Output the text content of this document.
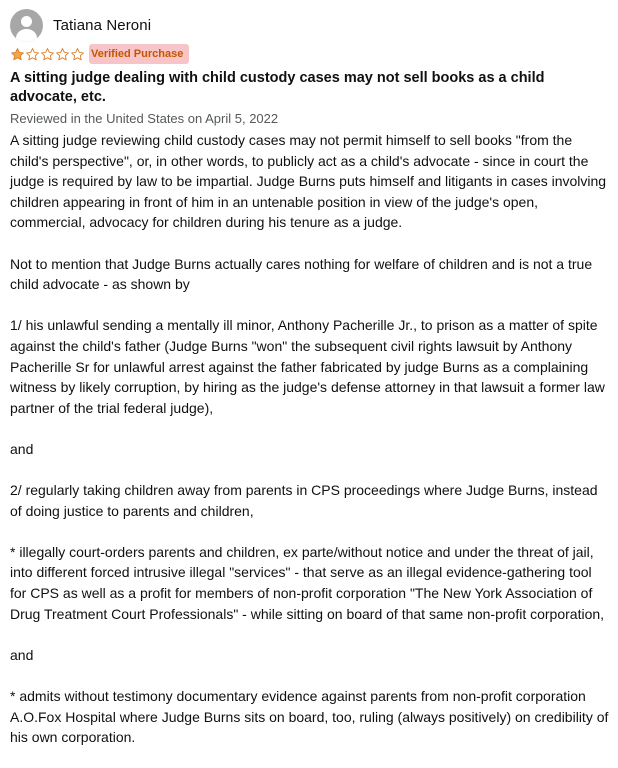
Tatiana Neroni
Verified Purchase
A sitting judge dealing with child custody cases may not sell books as a child advocate, etc.
Reviewed in the United States on April 5, 2022

A sitting judge reviewing child custody cases may not permit himself to sell books "from the child's perspective", or, in other words, to publicly act as a child's advocate - since in court the judge is required by law to be impartial. Judge Burns puts himself and litigants in cases involving children appearing in front of him in an untenable position in view of the judge's open, commercial, advocacy for children during his tenure as a judge.

Not to mention that Judge Burns actually cares nothing for welfare of children and is not a true child advocate - as shown by

1/ his unlawful sending a mentally ill minor, Anthony Pacherille Jr., to prison as a matter of spite against the child's father (Judge Burns "won" the subsequent civil rights lawsuit by Anthony Pacherille Sr for unlawful arrest against the father fabricated by judge Burns as a complaining witness by likely corruption, by hiring as the judge's defense attorney in that lawsuit a former law partner of the trial federal judge),

and

2/ regularly taking children away from parents in CPS proceedings where Judge Burns, instead of doing justice to parents and children,

* illegally court-orders parents and children, ex parte/without notice and under the threat of jail, into different forced intrusive illegal "services" - that serve as an illegal evidence-gathering tool for CPS as well as a profit for members of non-profit corporation "The New York Association of Drug Treatment Court Professionals" - while sitting on board of that same non-profit corporation,

and

* admits without testimony documentary evidence against parents from non-profit corporation A.O.Fox Hospital where Judge Burns sits on board, too, ruling (always positively) on credibility of his own corporation.
